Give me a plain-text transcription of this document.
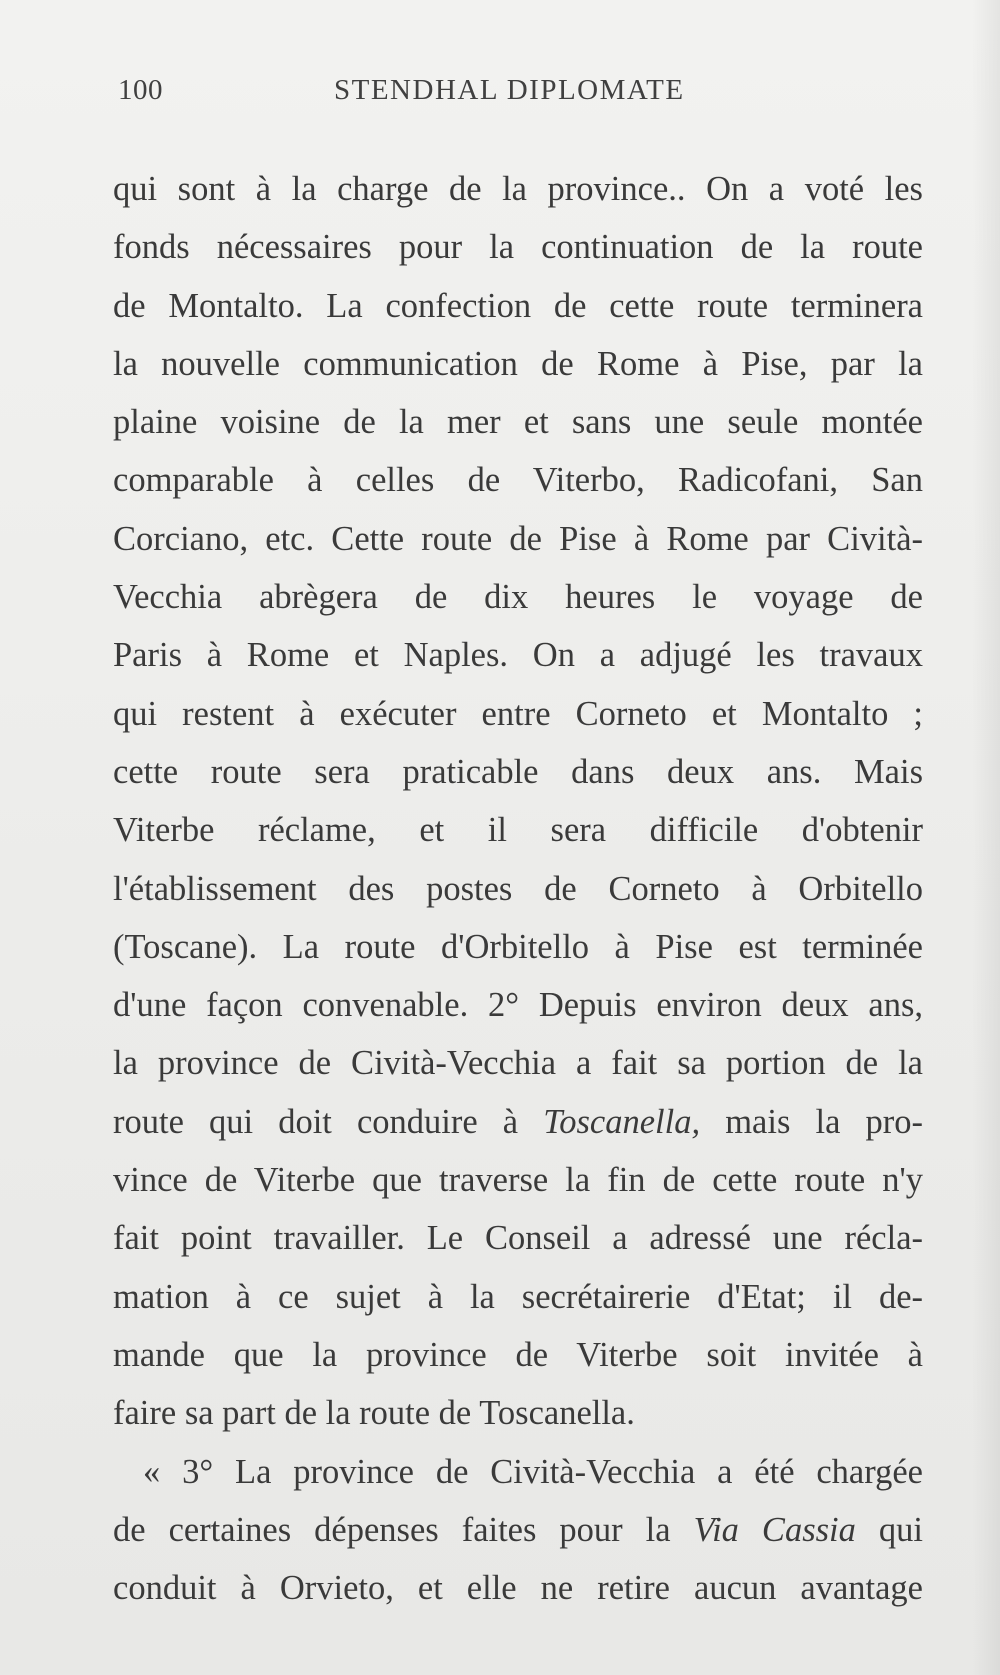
100	STENDHAL DIPLOMATE
qui sont à la charge de la province.. On a voté les
fonds nécessaires pour la continuation de la route
de Montalto. La confection de cette route terminera
la nouvelle communication de Rome à Pise, par la
plaine voisine de la mer et sans une seule montée
comparable à celles de Viterbo, Radicofani, San
Corciano, etc. Cette route de Pise à Rome par Cività-
Vecchia abrègera de dix heures le voyage de
Paris à Rome et Naples. On a adjugé les travaux
qui restent à exécuter entre Corneto et Montalto ;
cette route sera praticable dans deux ans. Mais
Viterbe réclame, et il sera difficile d'obtenir
l'établissement des postes de Corneto à Orbitello
(Toscane). La route d'Orbitello à Pise est terminée
d'une façon convenable. 2° Depuis environ deux ans,
la province de Cività-Vecchia a fait sa portion de la
route qui doit conduire à Toscanella, mais la pro-
vince de Viterbe que traverse la fin de cette route n'y
fait point travailler. Le Conseil a adressé une récla-
mation à ce sujet à la secrétairerie d'Etat; il de-
mande que la province de Viterbe soit invitée à
faire sa part de la route de Toscanella.
« 3° La province de Cività-Vecchia a été chargée
de certaines dépenses faites pour la Via Cassia qui
conduit à Orvieto, et elle ne retire aucun avantage
